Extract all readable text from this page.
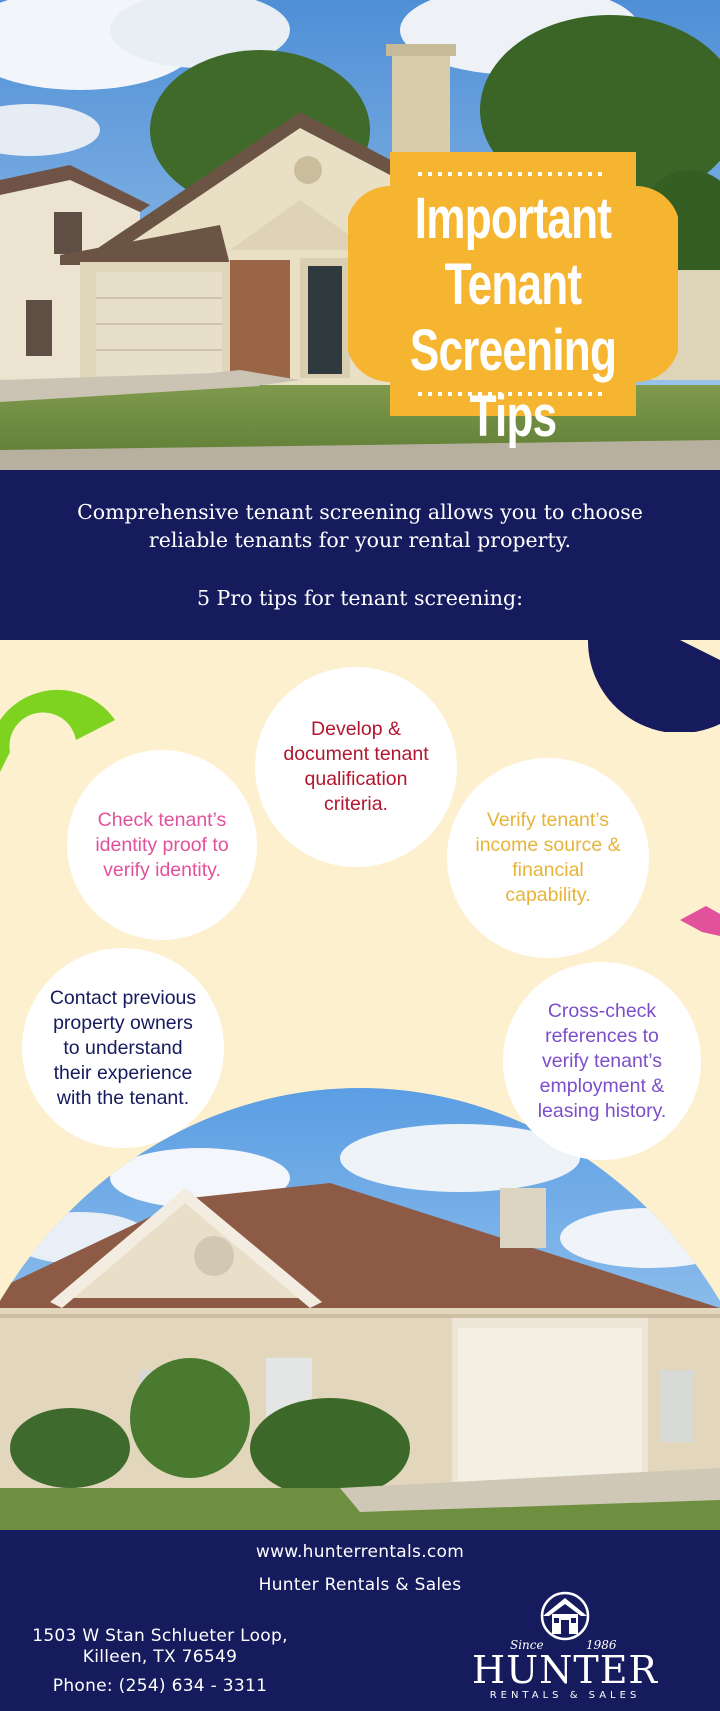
Important
Tenant
Screening Tips
Comprehensive tenant screening allows you to choose reliable tenants for your rental property.
5 Pro tips for tenant screening:
Develop &
document tenant
qualification
criteria.
Check tenant’s
identity proof to
verify identity.
Verify tenant’s
income source &
financial
capability.
Contact previous
property owners
to understand
their experience
with the tenant.
Cross-check
references to
verify tenant’s
employment &
leasing history.
www.hunterrentals.com
Hunter Rentals & Sales
1503 W Stan Schlueter Loop,
Killeen, TX 76549
Phone: (254) 634 - 3311
Since	1986
HUNTER
RENTALS & SALES
